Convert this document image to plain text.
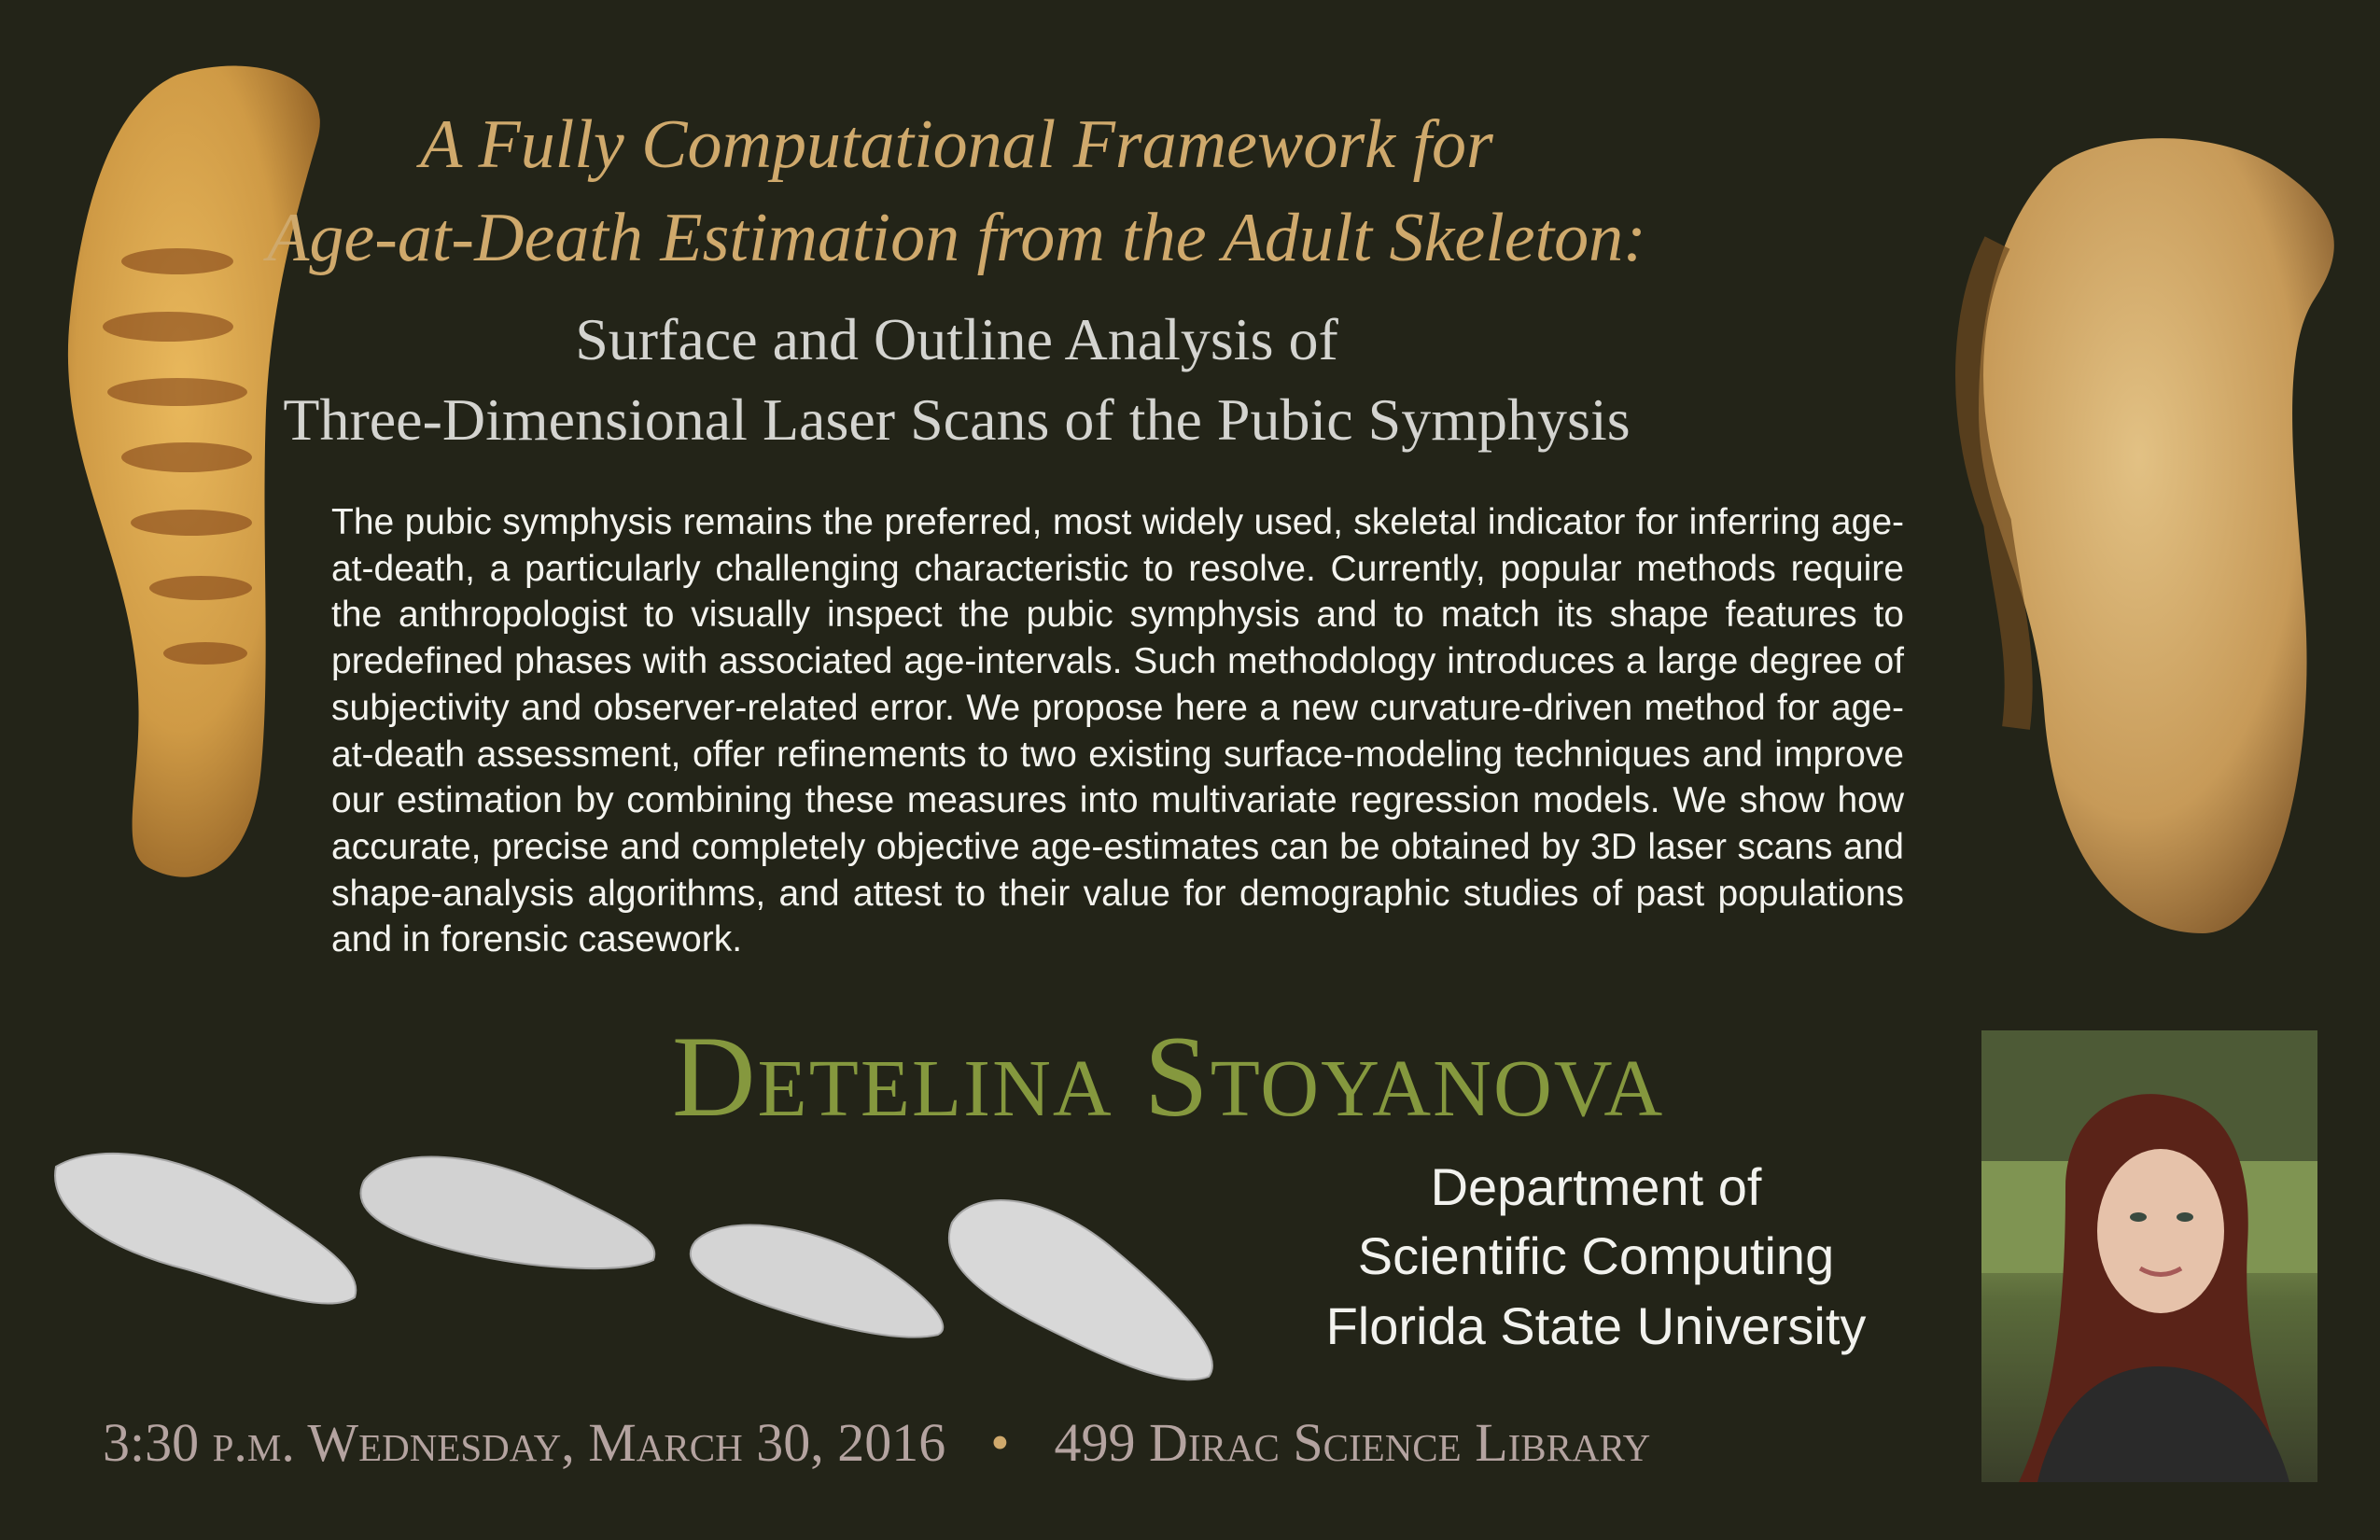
A Fully Computational Framework for
Age-at-Death Estimation from the Adult Skeleton:
Surface and Outline Analysis of
Three-Dimensional Laser Scans of the Pubic Symphysis
The pubic symphysis remains the preferred, most widely used, skeletal indicator for inferring age-at-death, a particularly challenging characteristic to resolve. Currently, popular methods require the anthropologist to visually inspect the pubic symphysis and to match its shape features to predefined phases with associated age-intervals. Such methodology introduces a large degree of subjectivity and observer-related error. We propose here a new curvature-driven method for age-at-death assessment, offer refinements to two existing surface-modeling techniques and improve our estimation by combining these measures into multivariate regression models. We show how accurate, precise and completely objective age-estimates can be obtained by 3D laser scans and shape-analysis algorithms, and attest to their value for demographic studies of past populations and in forensic casework.
Detelina Stoyanova
Department of
Scientific Computing
Florida State University
3:30 p.m. Wednesday, March 30, 2016 • 499 Dirac Science Library
